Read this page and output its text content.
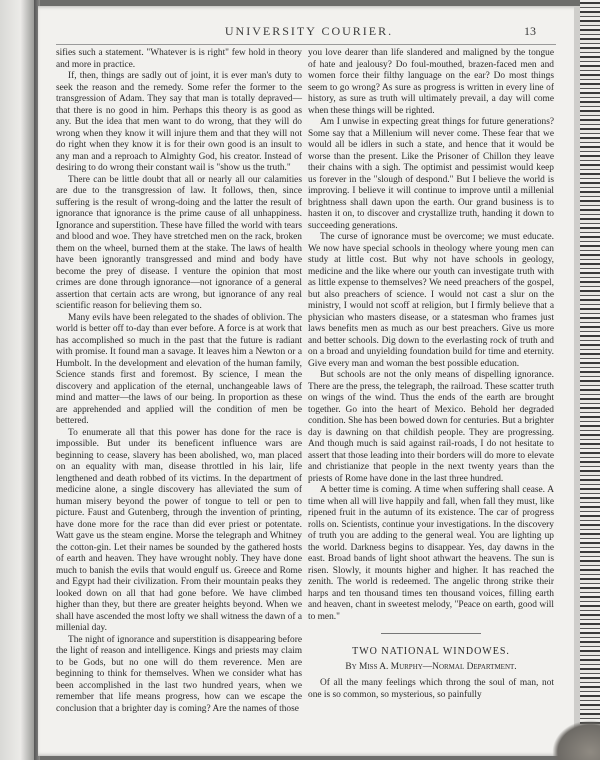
UNIVERSITY COURIER.	13

sifies such a statement. "Whatever is is right" few hold in theory and more in practice.

If, then, things are sadly out of joint, it is ever man's duty to seek the reason and the remedy. Some refer the former to the transgression of Adam. They say that man is totally depraved—that there is no good in him. Perhaps this theory is as good as any. But the idea that men want to do wrong, that they will do wrong when they know it will injure them and that they will not do right when they know it is for their own good is an insult to any man and a reproach to Almighty God, his creator. Instead of desiring to do wrong their constant wail is "show us the truth."

There can be little doubt that all or nearly all our calamities are due to the transgression of law. It follows, then, since suffering is the result of wrong-doing and the latter the result of ignorance that ignorance is the prime cause of all unhappiness. Ignorance and superstition. These have filled the world with tears and blood and woe. They have stretched men on the rack, broken them on the wheel, burned them at the stake. The laws of health have been ignorantly transgressed and mind and body have become the prey of disease. I venture the opinion that most crimes are done through ignorance—not ignorance of a general assertion that certain acts are wrong, but ignorance of any real scientific reason for believing them so.

Many evils have been relegated to the shades of oblivion. The world is better off to-day than ever before. A force is at work that has accomplished so much in the past that the future is radiant with promise. It found man a savage. It leaves him a Newton or a Humbolt. In the development and elevation of the human family, Science stands first and foremost. By science, I mean the discovery and application of the eternal, unchangeable laws of mind and matter—the laws of our being. In proportion as these are apprehended and applied will the condition of men be bettered.

To enumerate all that this power has done for the race is impossible. But under its beneficent influence wars are beginning to cease, slavery has been abolished, wo, man placed on an equality with man, disease throttled in his lair, life lengthened and death robbed of its victims. In the department of medicine alone, a single discovery has alleviated the sum of human misery beyond the power of tongue to tell or pen to picture. Faust and Gutenberg, through the invention of printing, have done more for the race than did ever priest or potentate. Watt gave us the steam engine. Morse the telegraph and Whitney the cotton-gin. Let their names be sounded by the gathered hosts of earth and heaven. They have wrought nobly. They have done much to banish the evils that would engulf us. Greece and Rome and Egypt had their civilization. From their mountain peaks they looked down on all that had gone before. We have climbed higher than they, but there are greater heights beyond. When we shall have ascended the most lofty we shall witness the dawn of a millenial day.

The night of ignorance and superstition is disappearing before the light of reason and intelligence. Kings and priests may claim to be Gods, but no one will do them reverence. Men are beginning to think for themselves. When we consider what has been accomplished in the last two hundred years, when we remember that life means progress, how can we escape the conclusion that a brighter day is coming? Are the names of those

you love dearer than life slandered and maligned by the tongue of hate and jealousy? Do foul-mouthed, brazen-faced men and women force their filthy language on the ear? Do most things seem to go wrong? As sure as progress is written in every line of history, as sure as truth will ultimately prevail, a day will come when these things will be righted.

Am I unwise in expecting great things for future generations? Some say that a Millenium will never come. These fear that we would all be idlers in such a state, and hence that it would be worse than the present. Like the Prisoner of Chillon they leave their chains with a sigh. The optimist and pessimist would keep us forever in the "slough of despond." But I believe the world is improving. I believe it will continue to improve until a millenial brightness shall dawn upon the earth. Our grand business is to hasten it on, to discover and crystallize truth, handing it down to succeeding generations.

The curse of ignorance must be overcome; we must educate. We now have special schools in theology where young men can study at little cost. But why not have schools in geology, medicine and the like where our youth can investigate truth with as little expense to themselves? We need preachers of the gospel, but also preachers of science. I would not cast a slur on the ministry, I would not scoff at religion, but I firmly believe that a physician who masters disease, or a statesman who frames just laws benefits men as much as our best preachers. Give us more and better schools. Dig down to the everlasting rock of truth and on a broad and unyielding foundation build for time and eternity. Give every man and woman the best possible education.

But schools are not the only means of dispelling ignorance. There are the press, the telegraph, the railroad. These scatter truth on wings of the wind. Thus the ends of the earth are brought together. Go into the heart of Mexico. Behold her degraded condition. She has been bowed down for centuries. But a brighter day is dawning on that childish people. They are progressing. And though much is said against rail-roads, I do not hesitate to assert that those leading into their borders will do more to elevate and christianize that people in the next twenty years than the priests of Rome have done in the last three hundred.

A better time is coming. A time when suffering shall cease. A time when all will live happily and fall, when fall they must, like ripened fruit in the autumn of its existence. The car of progress rolls on. Scientists, continue your investigations. In the discovery of truth you are adding to the general weal. You are lighting up the world. Darkness begins to disappear. Yes, day dawns in the east. Broad bands of light shoot athwart the heavens. The sun is risen. Slowly, it mounts higher and higher. It has reached the zenith. The world is redeemed. The angelic throng strike their harps and ten thousand times ten thousand voices, filling earth and heaven, chant in sweetest melody, "Peace on earth, good will to men."

TWO NATIONAL WINDOWES.
By Miss A. Murphy—Normal Department.

Of all the many feelings which throng the soul of man, not one is so common, so mysterious, so painfully
